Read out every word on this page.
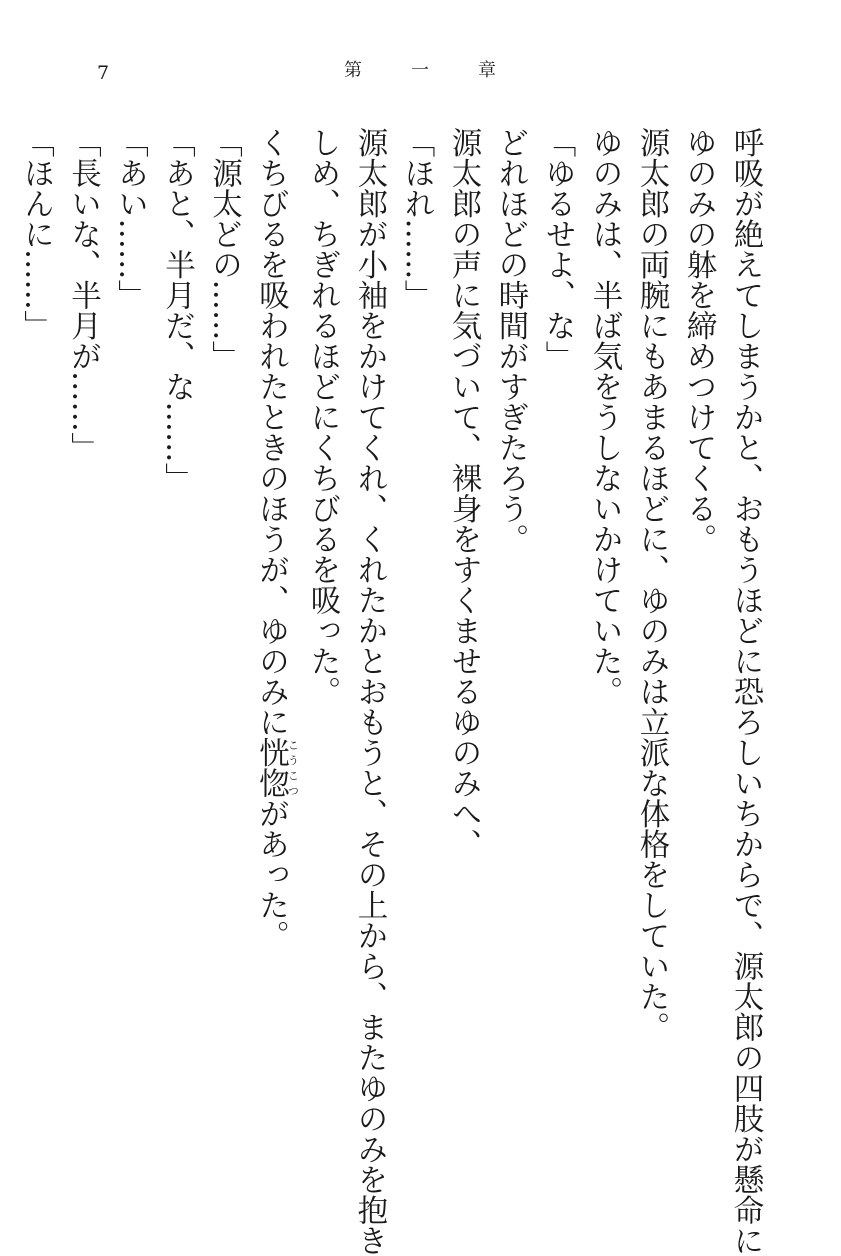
7	第	一	章
呼吸が絶えてしまうかと、おもうほどに恐ろしいちからで、源太郎の四肢が懸命に
ゆのみの躰を締めつけてくる。
源太郎の両腕にもあまるほどに、ゆのみは立派な体格をしていた。
ゆのみは、半ば気をうしないかけていた。
「ゆるせよ、な」
どれほどの時間がすぎたろう。
源太郎の声に気づいて、裸身をすくませるゆのみへ、
「ほれ……」
源太郎が小袖をかけてくれ、くれたかとおもうと、その上から、またゆのみを抱き
しめ、ちぎれるほどにくちびるを吸った。
くちびるを吸われたときのほうが、ゆのみに恍惚こうこつがあった。
「源太どの……」
「あと、半月だ、な……」
「あい……」
「長いな、半月が……」
「ほんに……」
